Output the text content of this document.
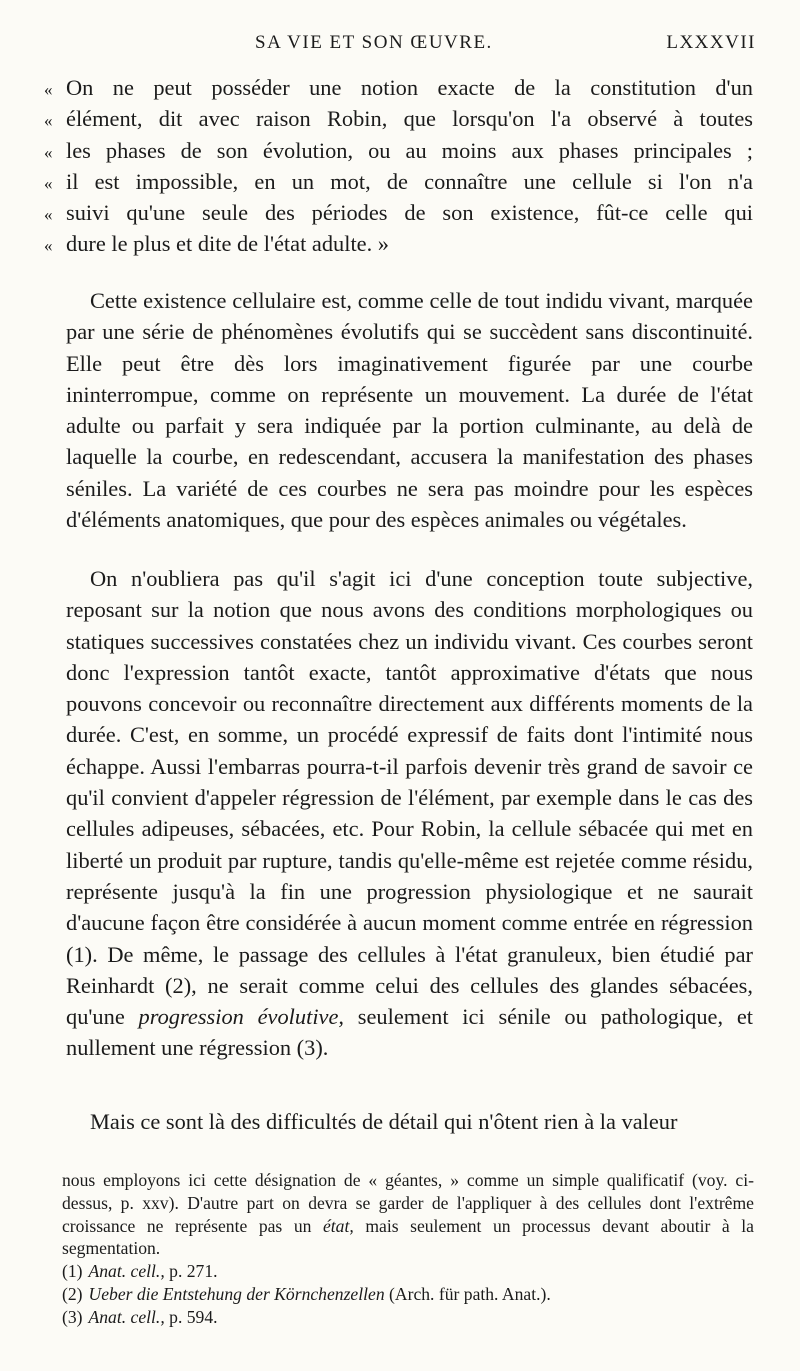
SA VIE ET SON ŒUVRE.	LXXXVII
« On ne peut posséder une notion exacte de la constitution d'un
« élément, dit avec raison Robin, que lorsqu'on l'a observé à toutes
« les phases de son évolution, ou au moins aux phases principales ;
« il est impossible, en un mot, de connaître une cellule si l'on n'a
« suivi qu'une seule des périodes de son existence, fût-ce celle qui
« dure le plus et dite de l'état adulte. »

Cette existence cellulaire est, comme celle de tout indidu vivant, marquée par une série de phénomènes évolutifs qui se succèdent sans discontinuité. Elle peut être dès lors imaginativement figurée par une courbe ininterrompue, comme on représente un mouvement. La durée de l'état adulte ou parfait y sera indiquée par la portion culminante, au delà de laquelle la courbe, en redescendant, accusera la manifestation des phases séniles. La variété de ces courbes ne sera pas moindre pour les espèces d'éléments anatomiques, que pour des espèces animales ou végétales.

On n'oubliera pas qu'il s'agit ici d'une conception toute subjective, reposant sur la notion que nous avons des conditions morphologiques ou statiques successives constatées chez un individu vivant. Ces courbes seront donc l'expression tantôt exacte, tantôt approximative d'états que nous pouvons concevoir ou reconnaître directement aux différents moments de la durée. C'est, en somme, un procédé expressif de faits dont l'intimité nous échappe. Aussi l'embarras pourra-t-il parfois devenir très grand de savoir ce qu'il convient d'appeler régression de l'élément, par exemple dans le cas des cellules adipeuses, sébacées, etc. Pour Robin, la cellule sébacée qui met en liberté un produit par rupture, tandis qu'elle-même est rejetée comme résidu, représente jusqu'à la fin une progression physiologique et ne saurait d'aucune façon être considérée à aucun moment comme entrée en régression (1). De même, le passage des cellules à l'état granuleux, bien étudié par Reinhardt (2), ne serait comme celui des cellules des glandes sébacées, qu'une progression évolutive, seulement ici sénile ou pathologique, et nullement une régression (3).

Mais ce sont là des difficultés de détail qui n'ôtent rien à la valeur

nous employons ici cette désignation de « géantes, » comme un simple qualificatif (voy. ci-dessus, p. xxv). D'autre part on devra se garder de l'appliquer à des cellules dont l'extrême croissance ne représente pas un état, mais seulement un processus devant aboutir à la segmentation.

(1) Anat. cell., p. 271.

(2) Ueber die Entstehung der Körnchenzellen (Arch. für path. Anat.).

(3) Anat. cell., p. 594.
